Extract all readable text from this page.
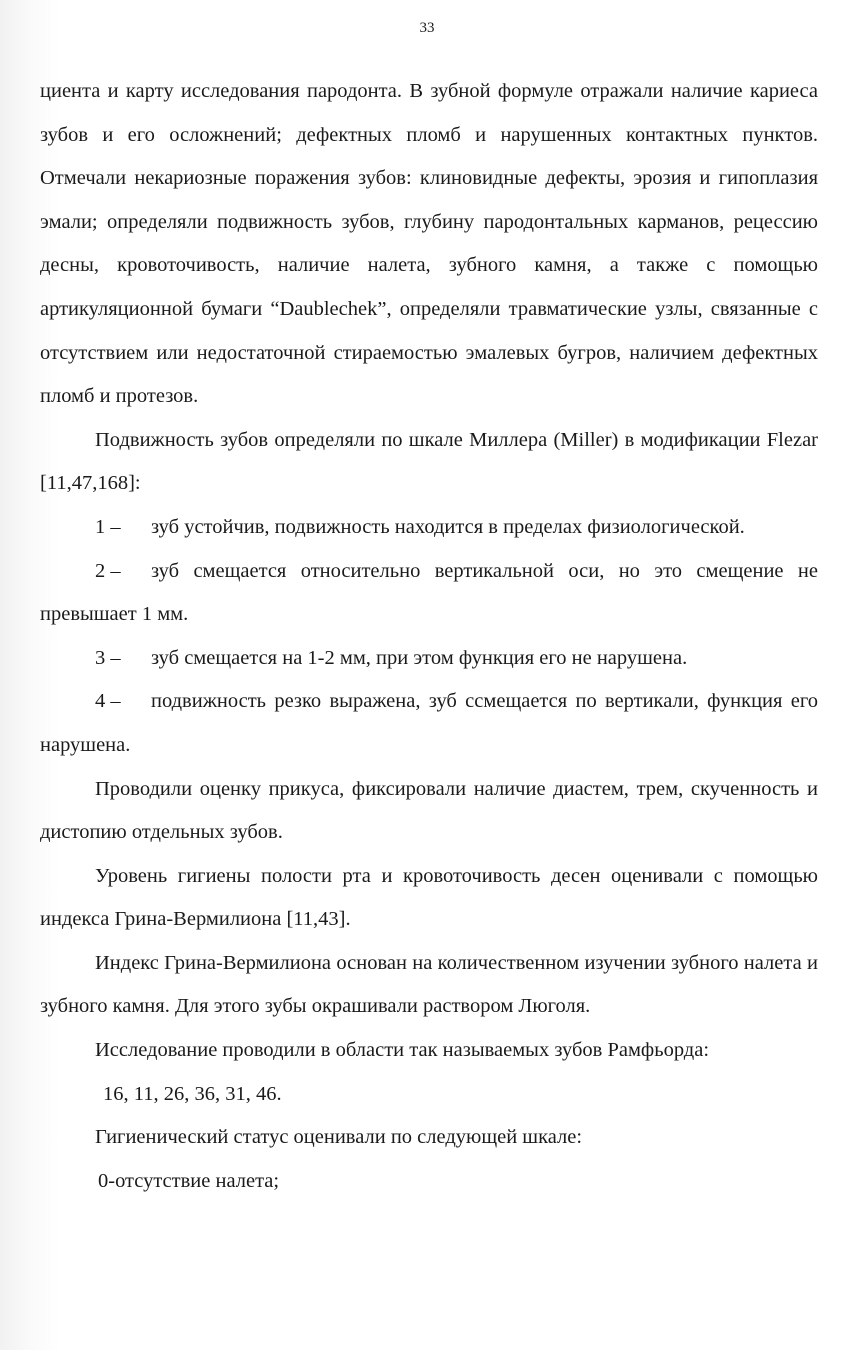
33

циента и карту исследования пародонта. В зубной формуле отражали наличие кариеса зубов и его осложнений; дефектных пломб и нарушенных контактных пунктов. Отмечали некариозные поражения зубов: клиновидные дефекты, эрозия и гипоплазия эмали; определяли подвижность зубов, глубину пародонтальных карманов, рецессию десны, кровоточивость, наличие налета, зубного камня, а также с помощью артикуляционной бумаги “Daublechek”, определяли травматические узлы, связанные с отсутствием или недостаточной стираемостью эмалевых бугров, наличием дефектных пломб и протезов.

Подвижность зубов определяли по шкале Миллера (Miller) в модификации Flezar [11,47,168]:

1 – зуб устойчив, подвижность находится в пределах физиологической.

2 – зуб смещается относительно вертикальной оси, но это смещение не превышает 1 мм.

3 – зуб смещается на 1-2 мм, при этом функция его не нарушена.

4 – подвижность резко выражена, зуб ссмещается по вертикали, функция его нарушена.

Проводили оценку прикуса, фиксировали наличие диастем, трем, скученность и дистопию отдельных зубов.

Уровень гигиены полости рта и кровоточивость десен оценивали с помощью индекса Грина-Вермилиона [11,43].

Индекс Грина-Вермилиона основан на количественном изучении зубного налета и зубного камня. Для этого зубы окрашивали раствором Люголя.

Исследование проводили в области так называемых зубов Рамфьорда:

16, 11, 26, 36, 31, 46.

Гигиенический статус оценивали по следующей шкале:

0-отсутствие налета;
